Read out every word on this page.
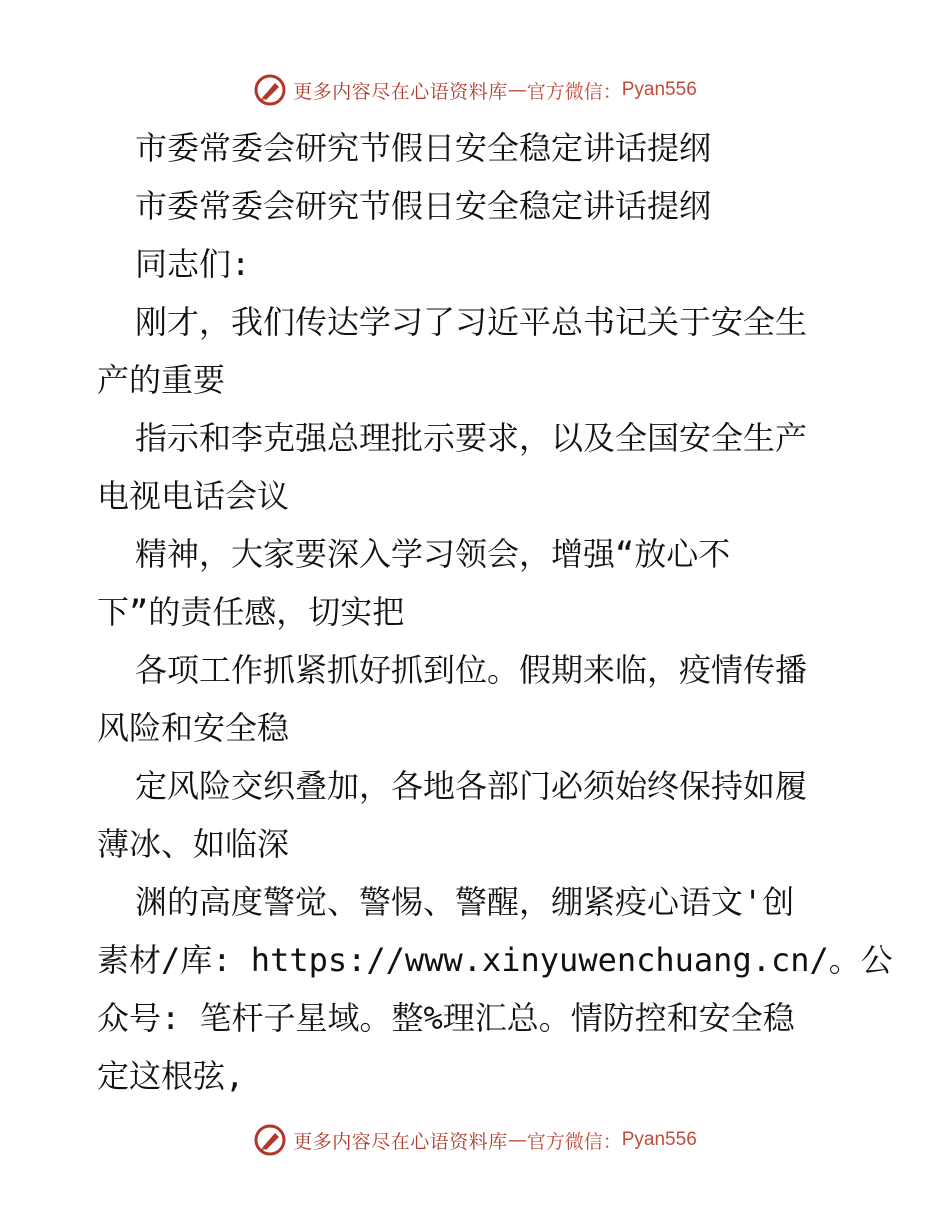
更多内容尽在心语资料库 — 官方微信： Pyan556
市委常委会研究节假日安全稳定讲话提纲
市委常委会研究节假日安全稳定讲话提纲
同志们:
刚才，我们传达学习了习近平总书记关于安全生
产的重要
指示和李克强总理批示要求，以及全国安全生产
电视电话会议
精神，大家要深入学习领会，增强“放心不
下”的责任感，切实把
各项工作抓紧抓好抓到位。假期来临，疫情传播
风险和安全稳
定风险交织叠加，各地各部门必须始终保持如履
薄冰、如临深
渊的高度警觉、警惕、警醒，绷紧疫心语文'创
素材/库: https://www.xinyuwenchuang.cn/。公
众号: 笔杆子星域。整%理汇总。情防控和安全稳
定这根弦,
更多内容尽在心语资料库 — 官方微信： Pyan556
